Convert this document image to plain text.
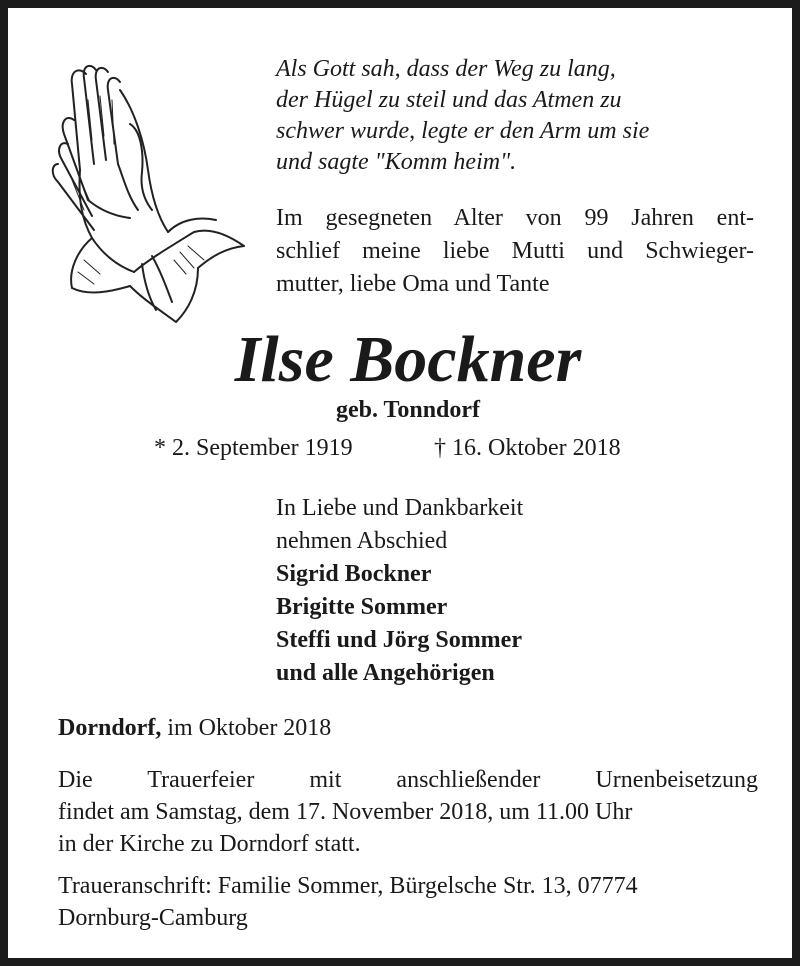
Als Gott sah, dass der Weg zu lang,
der Hügel zu steil und das Atmen zu
schwer wurde, legte er den Arm um sie
und sagte "Komm heim".

Im gesegneten Alter von 99 Jahren ent-
schlief meine liebe Mutti und Schwieger-
mutter, liebe Oma und Tante

Ilse Bockner

geb. Tonndorf

* 2. September 1919	† 16. Oktober 2018

In Liebe und Dankbarkeit
nehmen Abschied
Sigrid Bockner
Brigitte Sommer
Steffi und Jörg Sommer
und alle Angehörigen

Dorndorf, im Oktober 2018

Die Trauerfeier mit anschließender Urnenbeisetzung
findet am Samstag, dem 17. November 2018, um 11.00 Uhr
in der Kirche zu Dorndorf statt.

Traueranschrift: Familie Sommer, Bürgelsche Str. 13, 07774
Dornburg-Camburg
